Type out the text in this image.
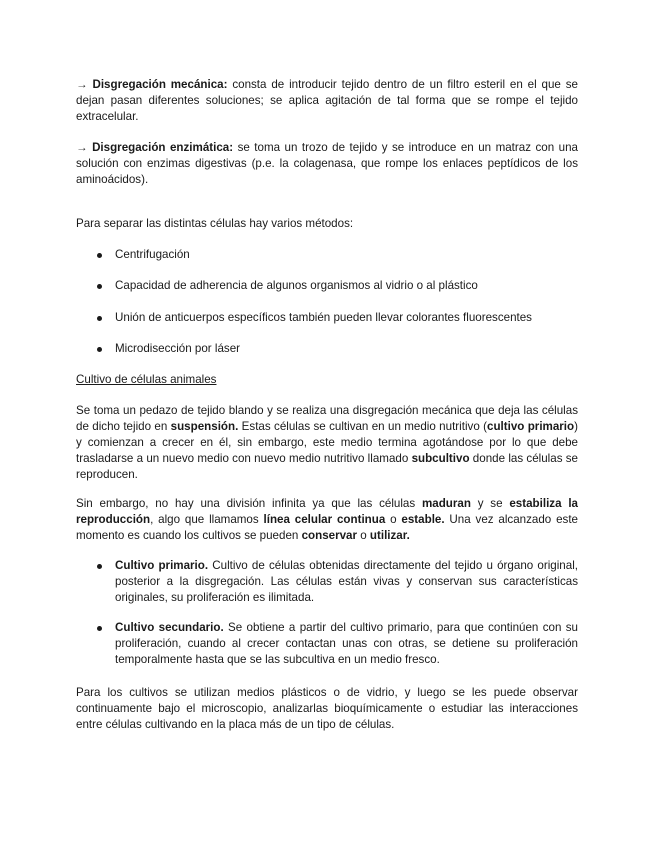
→ Disgregación mecánica: consta de introducir tejido dentro de un filtro esteril en el que se dejan pasan diferentes soluciones; se aplica agitación de tal forma que se rompe el tejido extracelular.

→ Disgregación enzimática: se toma un trozo de tejido y se introduce en un matraz con una solución con enzimas digestivas (p.e. la colagenasa, que rompe los enlaces peptídicos de los aminoácidos).

Para separar las distintas células hay varios métodos:

Centrifugación

Capacidad de adherencia de algunos organismos al vidrio o al plástico

Unión de anticuerpos específicos también pueden llevar colorantes fluorescentes

Microdisección por láser

Cultivo de células animales

Se toma un pedazo de tejido blando y se realiza una disgregación mecánica que deja las células de dicho tejido en suspensión. Estas células se cultivan en un medio nutritivo (cultivo primario) y comienzan a crecer en él, sin embargo, este medio termina agotándose por lo que debe trasladarse a un nuevo medio con nuevo medio nutritivo llamado subcultivo donde las células se reproducen.

Sin embargo, no hay una división infinita ya que las células maduran y se estabiliza la reproducción, algo que llamamos línea celular continua o estable. Una vez alcanzado este momento es cuando los cultivos se pueden conservar o utilizar.

Cultivo primario. Cultivo de células obtenidas directamente del tejido u órgano original, posterior a la disgregación. Las células están vivas y conservan sus características originales, su proliferación es ilimitada.

Cultivo secundario. Se obtiene a partir del cultivo primario, para que continúen con su proliferación, cuando al crecer contactan unas con otras, se detiene su proliferación temporalmente hasta que se las subcultiva en un medio fresco.

Para los cultivos se utilizan medios plásticos o de vidrio, y luego se les puede observar continuamente bajo el microscopio, analizarlas bioquímicamente o estudiar las interacciones entre células cultivando en la placa más de un tipo de células.
